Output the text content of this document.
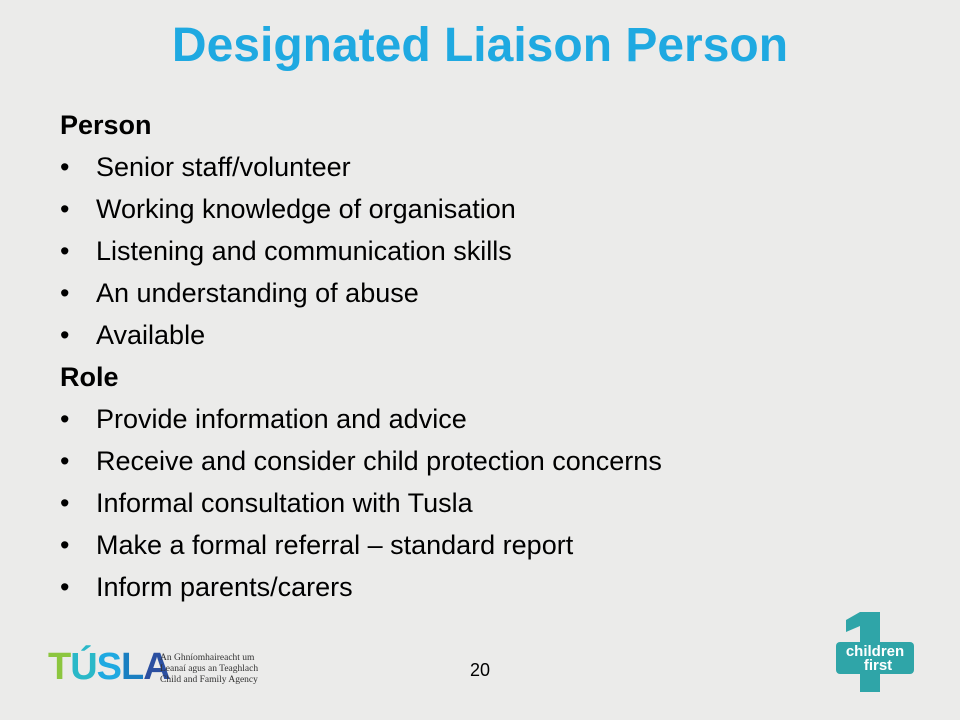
Designated Liaison Person
Person
• Senior staff/volunteer
• Working knowledge of organisation
• Listening and communication skills
• An understanding of abuse
• Available
Role
• Provide information and advice
• Receive and consider child protection concerns
• Informal consultation with Tusla
• Make a formal referral – standard report
• Inform parents/carers
TÚSLA
An Ghníomhaireacht um
Leanaí agus an Teaghlach
Child and Family Agency	20
children
first
